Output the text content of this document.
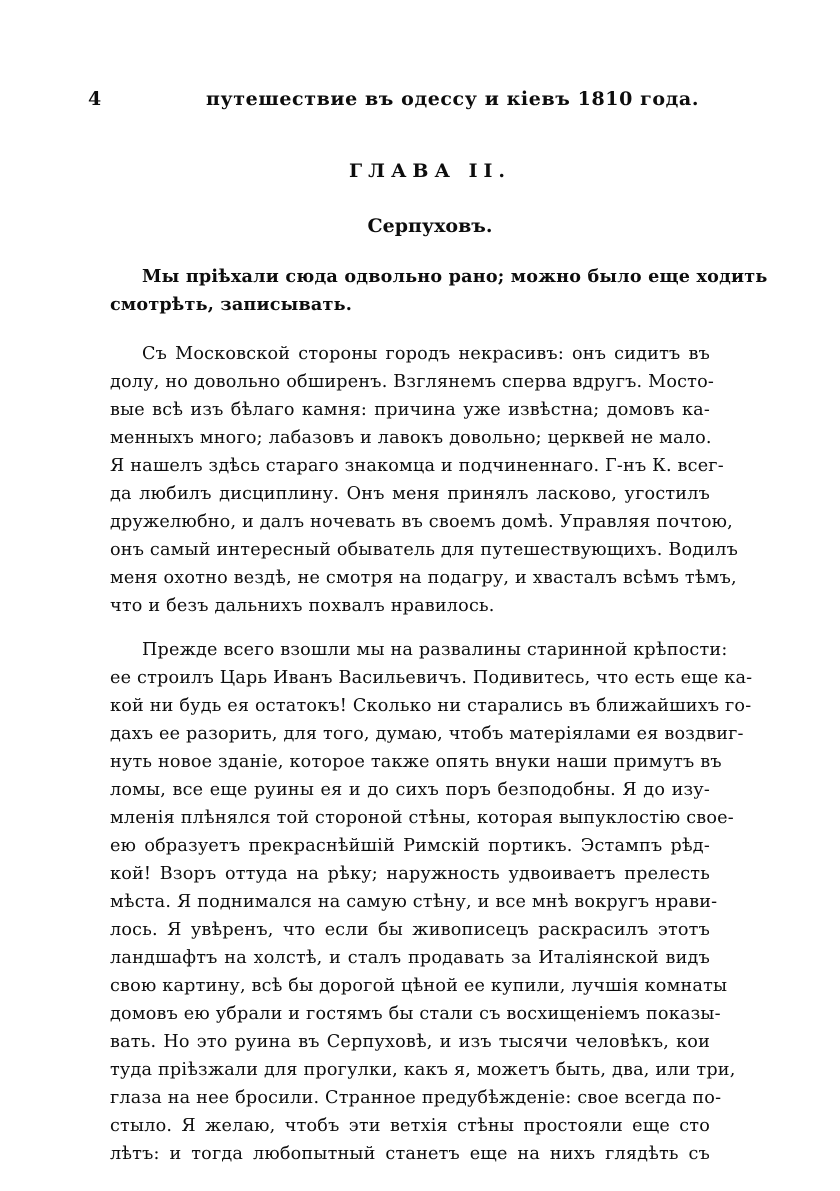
4	путешествие въ одессу и кіевъ 1810 года.
ГЛАВА II.
Серпуховъ.
Мы пріѣхали сюда одвольно рано; можно было еще ходить
смотрѣть, записывать.
Съ Московской стороны городъ некрасивъ: онъ сидитъ въ
долу, но довольно обширенъ. Взглянемъ сперва вдругъ. Мосто-
вые всѣ изъ бѣлаго камня: причина уже извѣстна; домовъ ка-
менныхъ много; лабазовъ и лавокъ довольно; церквей не мало.
Я нашелъ здѣсь стараго знакомца и подчиненнаго. Г-нъ К. всег-
да любилъ дисциплину. Онъ меня принялъ ласково, угостилъ
дружелюбно, и далъ ночевать въ своемъ домѣ. Управляя почтою,
онъ самый интересный обыватель для путешествующихъ. Водилъ
меня охотно вездѣ, не смотря на подагру, и хвасталъ всѣмъ тѣмъ,
что и безъ дальнихъ похвалъ нравилось.
Прежде всего взошли мы на развалины старинной крѣпости:
ее строилъ Царь Иванъ Васильевичъ. Подивитесь, что есть еще ка-
кой ни будь ея остатокъ! Сколько ни старались въ ближайшихъ го-
дахъ ее разорить, для того, думаю, чтобъ матеріялами ея воздвиг-
нуть новое зданіе, которое также опять внуки наши примутъ въ
ломы, все еще руины ея и до сихъ поръ безподобны. Я до изу-
мленія плѣнялся той стороной стѣны, которая выпуклостію свое-
ею образуетъ прекраснѣйшій Римскій портикъ. Эстампъ рѣд-
кой! Взоръ оттуда на рѣку; наружность удвоиваетъ прелесть
мѣста. Я поднимался на самую стѣну, и все мнѣ вокругъ нрави-
лось. Я увѣренъ, что если бы живописецъ раскрасилъ этотъ
ландшафтъ на холстѣ, и сталъ продавать за Италіянской видъ
свою картину, всѣ бы дорогой цѣной ее купили, лучшія комнаты
домовъ ею убрали и гостямъ бы стали съ восхищеніемъ показы-
вать. Но это руина въ Серпуховѣ, и изъ тысячи человѣкъ, кои
туда пріѣзжали для прогулки, какъ я, можетъ быть, два, или три,
глаза на нее бросили. Странное предубѣжденіе: свое всегда по-
стыло. Я желаю, чтобъ эти ветхія стѣны простояли еще сто
лѣтъ: и тогда любопытный станетъ еще на нихъ глядѣть съ
